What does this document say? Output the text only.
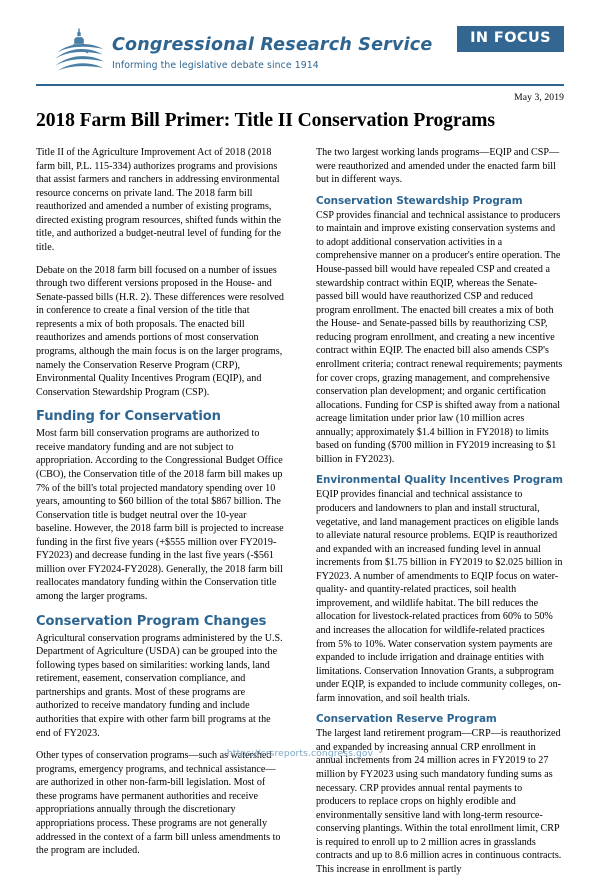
Congressional Research Service Informing the legislative debate since 1914
IN FOCUS
May 3, 2019
2018 Farm Bill Primer: Title II Conservation Programs

Title II of the Agriculture Improvement Act of 2018 (2018 farm bill, P.L. 115-334) authorizes programs and provisions that assist farmers and ranchers in addressing environmental resource concerns on private land. The 2018 farm bill reauthorized and amended a number of existing programs, directed existing program resources, shifted funds within the title, and authorized a budget-neutral level of funding for the title.

Debate on the 2018 farm bill focused on a number of issues through two different versions proposed in the House- and Senate-passed bills (H.R. 2). These differences were resolved in conference to create a final version of the title that represents a mix of both proposals. The enacted bill reauthorizes and amends portions of most conservation programs, although the main focus is on the larger programs, namely the Conservation Reserve Program (CRP), Environmental Quality Incentives Program (EQIP), and Conservation Stewardship Program (CSP).

Funding for Conservation

Most farm bill conservation programs are authorized to receive mandatory funding and are not subject to appropriation. According to the Congressional Budget Office (CBO), the Conservation title of the 2018 farm bill makes up 7% of the bill's total projected mandatory spending over 10 years, amounting to $60 billion of the total $867 billion. The Conservation title is budget neutral over the 10-year baseline. However, the 2018 farm bill is projected to increase funding in the first five years (+$555 million over FY2019-FY2023) and decrease funding in the last five years (-$561 million over FY2024-FY2028). Generally, the 2018 farm bill reallocates mandatory funding within the Conservation title among the larger programs.

Conservation Program Changes

Agricultural conservation programs administered by the U.S. Department of Agriculture (USDA) can be grouped into the following types based on similarities: working lands, land retirement, easement, conservation compliance, and partnerships and grants. Most of these programs are authorized to receive mandatory funding and include authorities that expire with other farm bill programs at the end of FY2023.

Other types of conservation programs—such as watershed programs, emergency programs, and technical assistance—are authorized in other non-farm-bill legislation. Most of these programs have permanent authorities and receive appropriations annually through the discretionary appropriations process. These programs are not generally addressed in the context of a farm bill unless amendments to the program are included.

The two largest working lands programs—EQIP and CSP—were reauthorized and amended under the enacted farm bill but in different ways.

Conservation Stewardship Program

CSP provides financial and technical assistance to producers to maintain and improve existing conservation systems and to adopt additional conservation activities in a comprehensive manner on a producer's entire operation. The House-passed bill would have repealed CSP and created a stewardship contract within EQIP, whereas the Senate-passed bill would have reauthorized CSP and reduced program enrollment. The enacted bill creates a mix of both the House- and Senate-passed bills by reauthorizing CSP, reducing program enrollment, and creating a new incentive contract within EQIP. The enacted bill also amends CSP's enrollment criteria; contract renewal requirements; payments for cover crops, grazing management, and comprehensive conservation plan development; and organic certification allocations. Funding for CSP is shifted away from a national acreage limitation under prior law (10 million acres annually; approximately $1.4 billion in FY2018) to limits based on funding ($700 million in FY2019 increasing to $1 billion in FY2023).

Environmental Quality Incentives Program

EQIP provides financial and technical assistance to producers and landowners to plan and install structural, vegetative, and land management practices on eligible lands to alleviate natural resource problems. EQIP is reauthorized and expanded with an increased funding level in annual increments from $1.75 billion in FY2019 to $2.025 billion in FY2023. A number of amendments to EQIP focus on water-quality- and quantity-related practices, soil health improvement, and wildlife habitat. The bill reduces the allocation for livestock-related practices from 60% to 50% and increases the allocation for wildlife-related practices from 5% to 10%. Water conservation system payments are expanded to include irrigation and drainage entities with limitations. Conservation Innovation Grants, a subprogram under EQIP, is expanded to include community colleges, on-farm innovation, and soil health trials.

Conservation Reserve Program

The largest land retirement program—CRP—is reauthorized and expanded by increasing annual CRP enrollment in annual increments from 24 million acres in FY2019 to 27 million by FY2023 using such mandatory funding sums as necessary. CRP provides annual rental payments to producers to replace crops on highly erodible and environmentally sensitive land with long-term resource-conserving plantings. Within the total enrollment limit, CRP is required to enroll up to 2 million acres in grasslands contracts and up to 8.6 million acres in continuous contracts. This increase in enrollment is partly

https://crsreports.congress.gov
